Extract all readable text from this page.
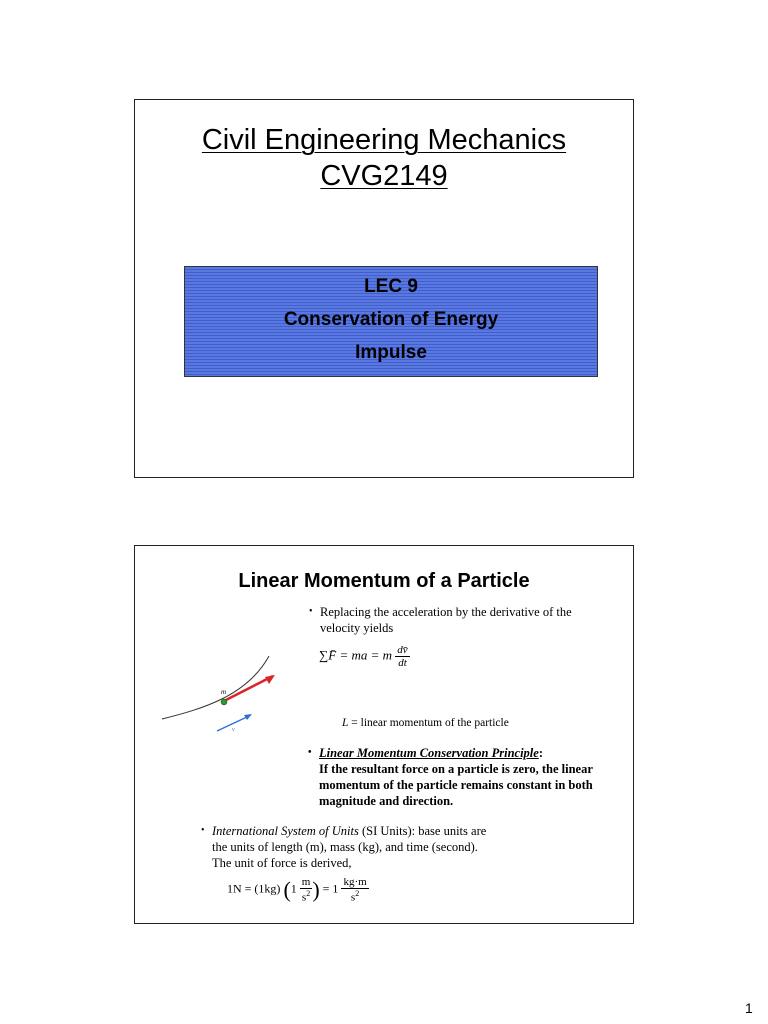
Civil Engineering Mechanics
CVG2149
LEC 9
Conservation of Energy
Impulse
Linear Momentum of a Particle
• Replacing the acceleration by the derivative of the velocity yields
∑F̄ = ma = m $\frac{dv̄}{dt}$
m
v
L = linear momentum of the particle
• Linear Momentum Conservation Principle:
If the resultant force on a particle is zero, the linear momentum of the particle remains constant in both magnitude and direction.
• International System of Units (SI Units): base units are
the units of length (m), mass (kg), and time (second).
The unit of force is derived,
1N = (1kg) ($1 \frac{m}{s^2}$ ) = $1 \frac{kg\cdot m}{s^2}$
1
